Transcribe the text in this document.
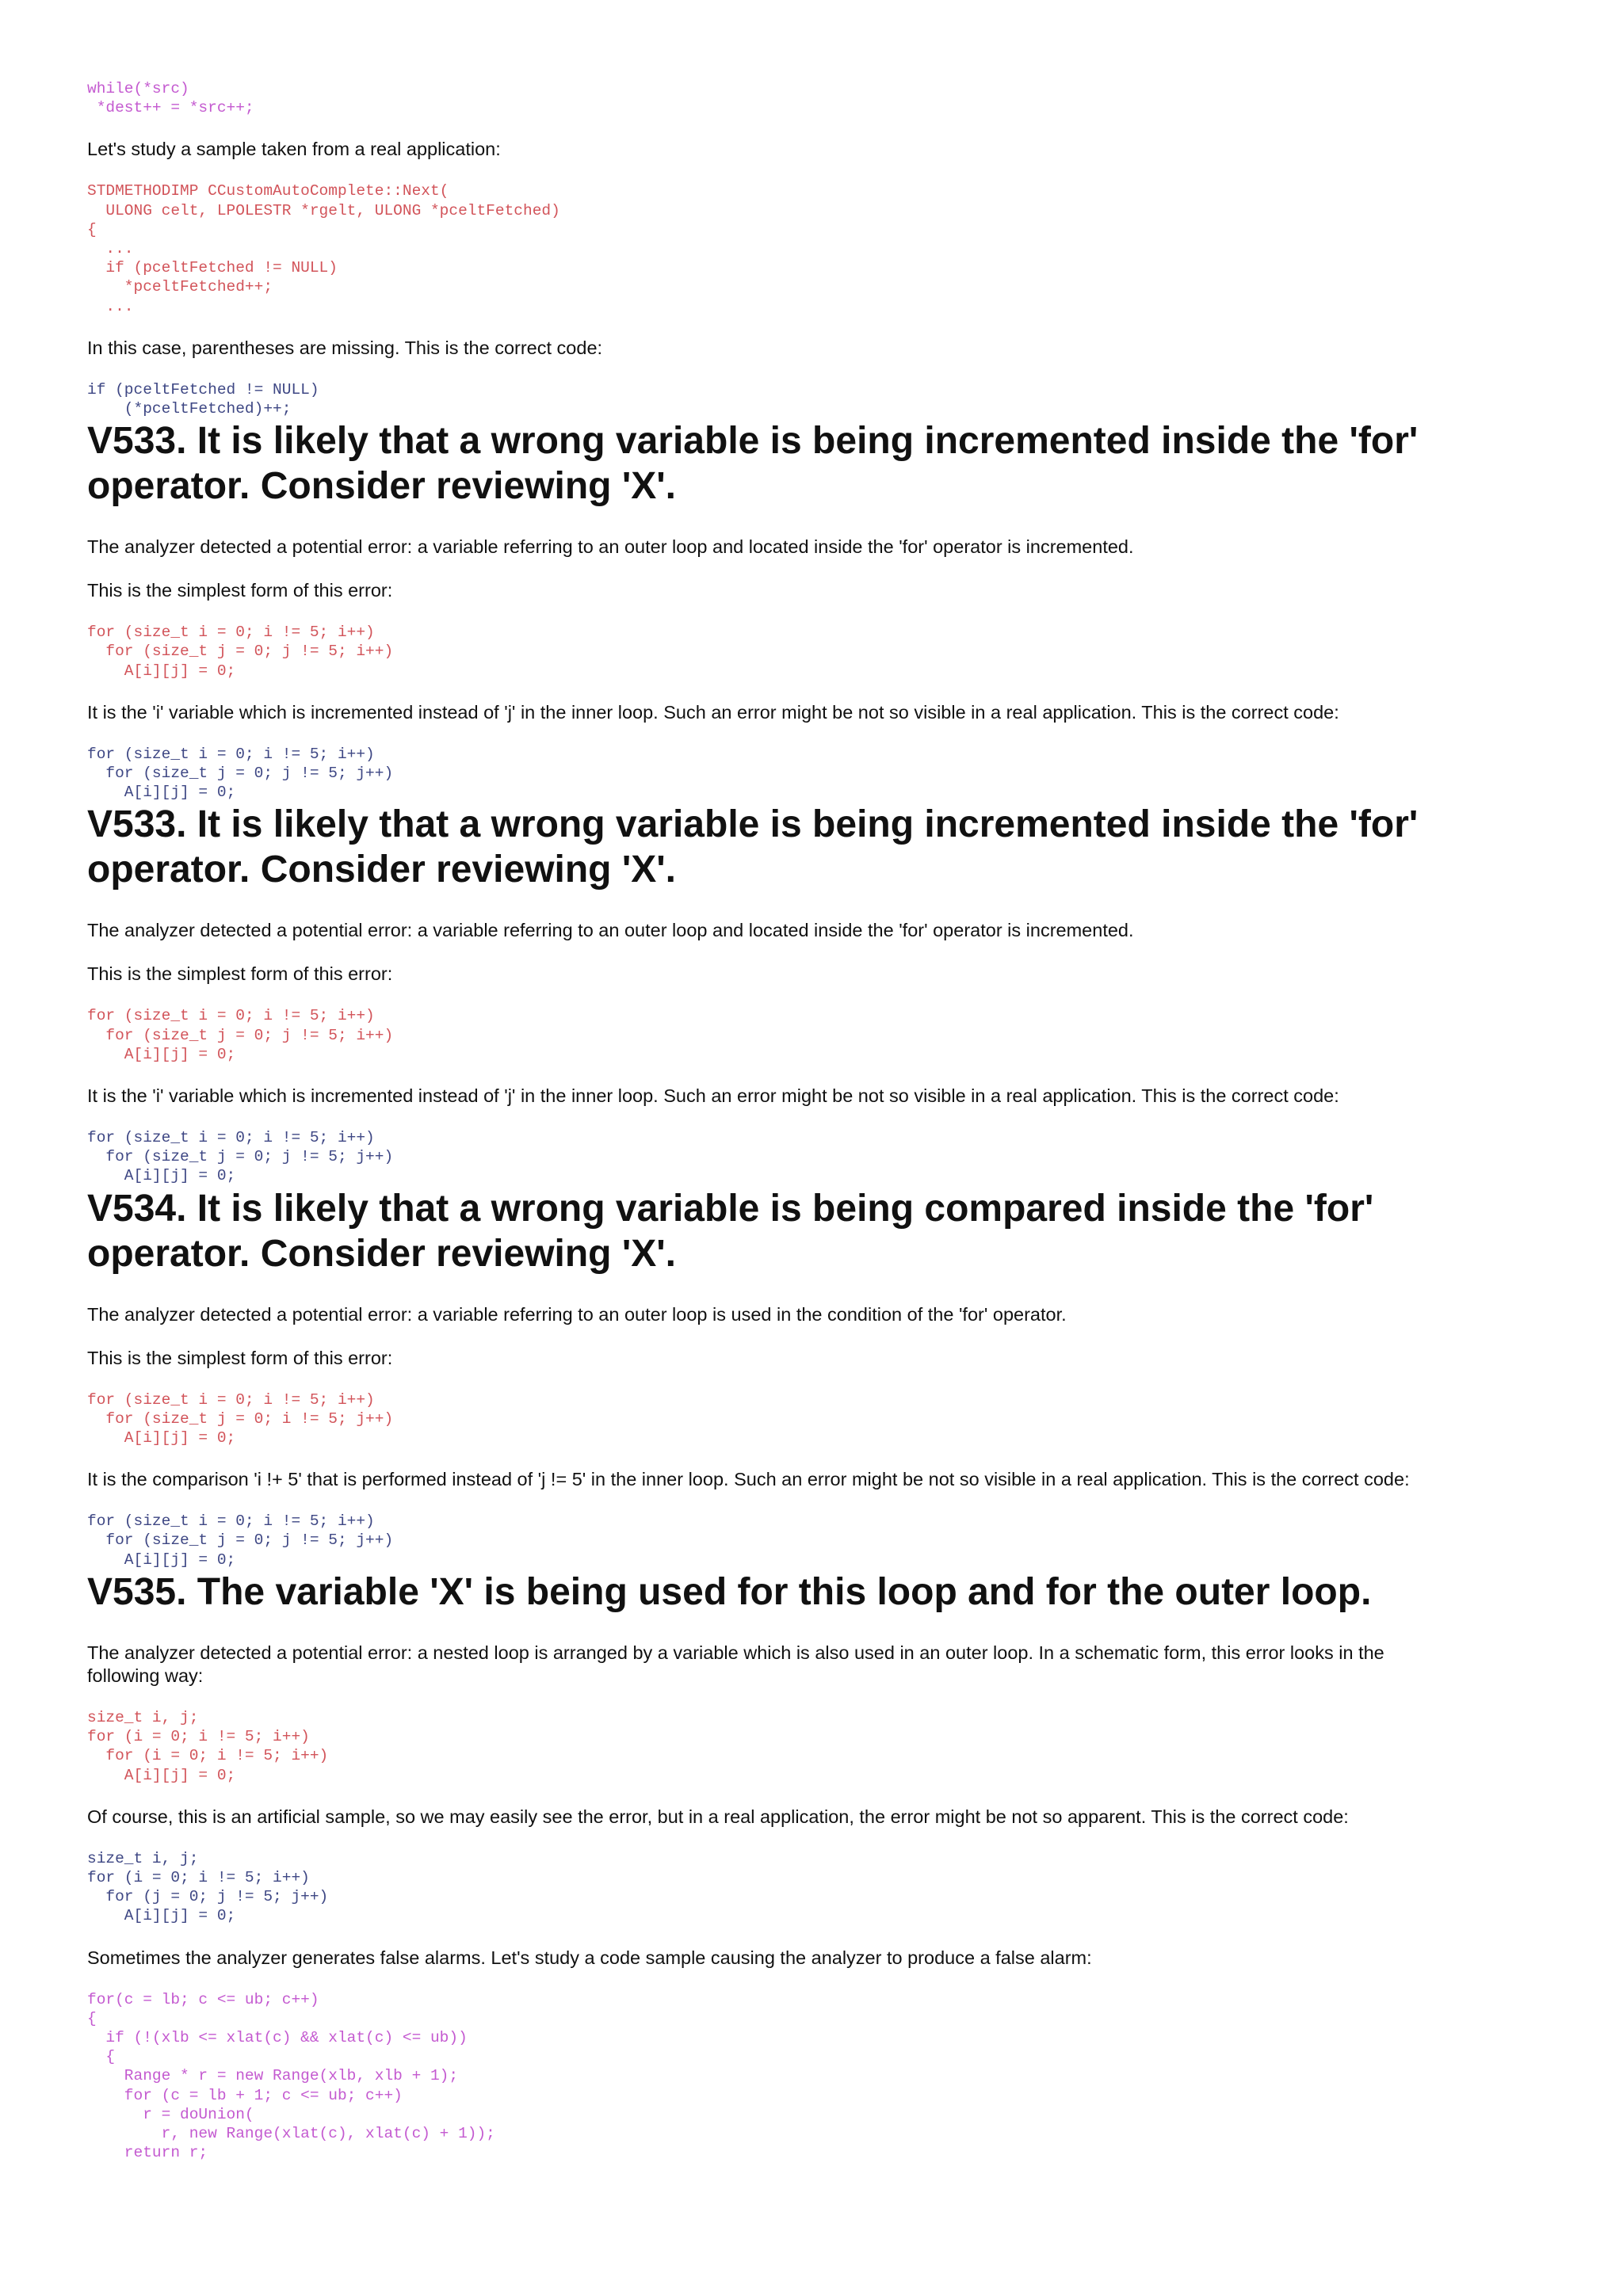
while(*src)
*dest++ = *src++;

Let's study a sample taken from a real application:

STDMETHODIMP CCustomAutoComplete::Next(
ULONG celt, LPOLESTR *rgelt, ULONG *pceltFetched)
{
...
if (pceltFetched != NULL)
*pceltFetched++;
...

In this case, parentheses are missing. This is the correct code:

if (pceltFetched != NULL)
(*pceltFetched)++;
V533. It is likely that a wrong variable is being incremented inside the 'for' operator. Consider reviewing 'X'.

The analyzer detected a potential error: a variable referring to an outer loop and located inside the 'for' operator is incremented.

This is the simplest form of this error:

for (size_t i = 0; i != 5; i++)
for (size_t j = 0; j != 5; i++)
A[i][j] = 0;

It is the 'i' variable which is incremented instead of 'j' in the inner loop. Such an error might be not so visible in a real application. This is the correct code:

for (size_t i = 0; i != 5; i++)
for (size_t j = 0; j != 5; j++)
A[i][j] = 0;
V533. It is likely that a wrong variable is being incremented inside the 'for' operator. Consider reviewing 'X'.

The analyzer detected a potential error: a variable referring to an outer loop and located inside the 'for' operator is incremented.

This is the simplest form of this error:

for (size_t i = 0; i != 5; i++)
for (size_t j = 0; j != 5; i++)
A[i][j] = 0;

It is the 'i' variable which is incremented instead of 'j' in the inner loop. Such an error might be not so visible in a real application. This is the correct code:

for (size_t i = 0; i != 5; i++)
for (size_t j = 0; j != 5; j++)
A[i][j] = 0;
V534. It is likely that a wrong variable is being compared inside the 'for' operator. Consider reviewing 'X'.

The analyzer detected a potential error: a variable referring to an outer loop is used in the condition of the 'for' operator.

This is the simplest form of this error:

for (size_t i = 0; i != 5; i++)
for (size_t j = 0; i != 5; j++)
A[i][j] = 0;

It is the comparison 'i !+ 5' that is performed instead of 'j != 5' in the inner loop. Such an error might be not so visible in a real application. This is the correct code:

for (size_t i = 0; i != 5; i++)
for (size_t j = 0; j != 5; j++)
A[i][j] = 0;
V535. The variable 'X' is being used for this loop and for the outer loop.

The analyzer detected a potential error: a nested loop is arranged by a variable which is also used in an outer loop. In a schematic form, this error looks in the following way:

size_t i, j;
for (i = 0; i != 5; i++)
for (i = 0; i != 5; i++)
A[i][j] = 0;

Of course, this is an artificial sample, so we may easily see the error, but in a real application, the error might be not so apparent. This is the correct code:

size_t i, j;
for (i = 0; i != 5; i++)
for (j = 0; j != 5; j++)
A[i][j] = 0;

Sometimes the analyzer generates false alarms. Let's study a code sample causing the analyzer to produce a false alarm:

for(c = lb; c <= ub; c++)
{
if (!(xlb <= xlat(c) && xlat(c) <= ub))
{
Range * r = new Range(xlb, xlb + 1);
for (c = lb + 1; c <= ub; c++)
r = doUnion(
r, new Range(xlat(c), xlat(c) + 1));
return r;
